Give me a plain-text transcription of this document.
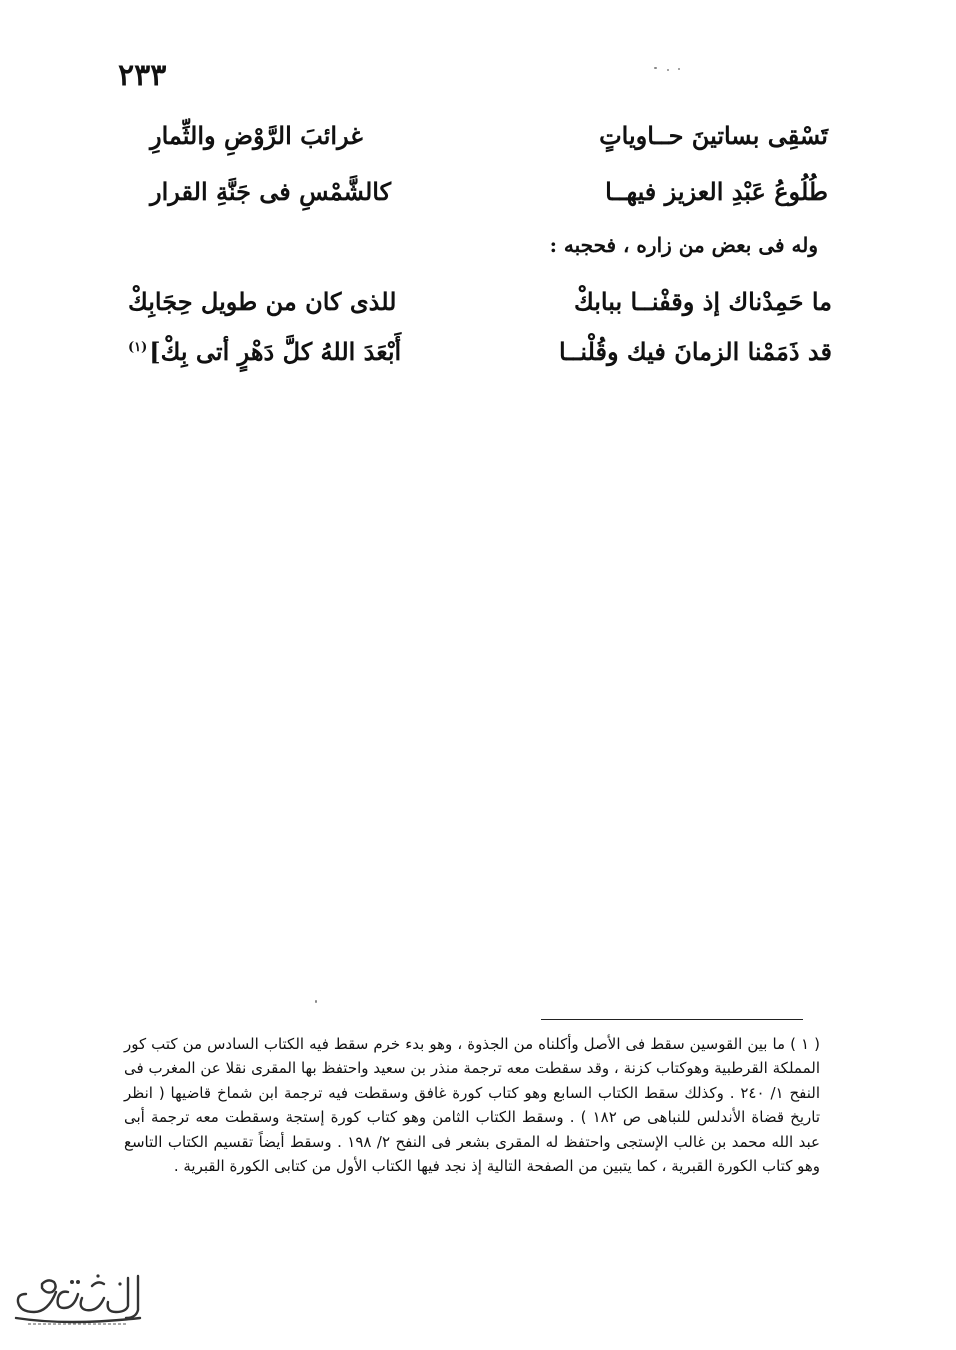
٢٣٣
تَسْقِى بساتينَ حــاوياتٍ
غرائبَ الرَّوْضِ والثِّمارِ
طُلُوعُ عَبْدِ العزيز فيهــا
كالشَّمْسِ فى جَنَّةِ القرار
وله فى بعض من زاره ، فحجبه :
ما حَمِدْناك إذ وقفْنــا ببابكْ
للذى كان من طويل حِجَابِكْ
قد ذَمَمْنا الزمانَ فيك وقُلْنــا
أَبْعَدَ اللهُ كلَّ دَهْرٍ أتى بِكْ]$^{(١)}$
( ١ ) ما بين القوسين سقط فى الأصل وأكلناه من الجذوة ، وهو بدء خرم سقط فيه الكتاب السادس من كتب كور المملكة القرطبية وهوكتاب كزنة ، وقد سقطت معه ترجمة منذر بن سعيد واحتفظ بها المقرى نقلا عن المغرب فى النفح ١/ ٢٤٠ . وكذلك سقط الكتاب السابع وهو كتاب كورة غافق وسقطت فيه ترجمة ابن شماخ قاضيها ( انظر تاريخ قضاة الأندلس للنباهى ص ١٨٢ ) . وسقط الكتاب الثامن وهو كتاب كورة إستجة وسقطت معه ترجمة أبى عبد الله محمد بن غالب الإستجى واحتفظ له المقرى بشعر فى النفح ٢/ ١٩٨ . وسقط أيضاً تقسيم الكتاب التاسع وهو كتاب الكورة القبرية ، كما يتبين من الصفحة التالية إذ نجد فيها الكتاب الأول من كتابى الكورة القبرية .
